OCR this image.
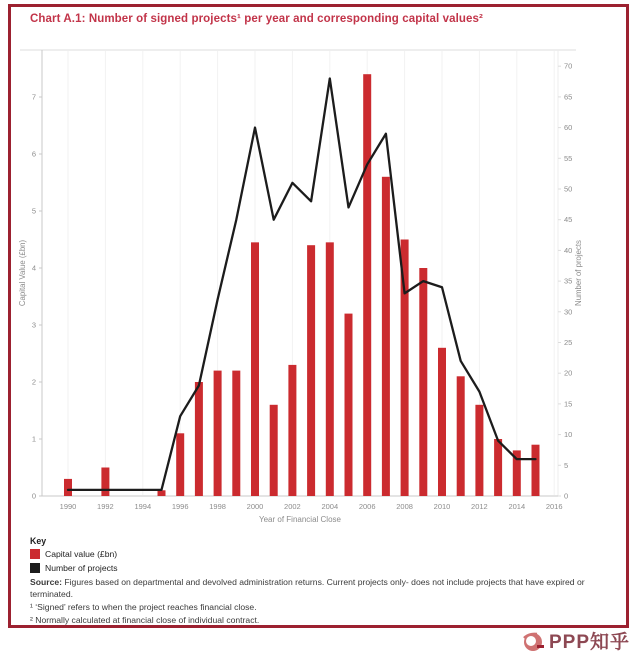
Chart A.1: Number of signed projects¹ per year and corresponding capital values²
0
1
2
3
4
5
6
7
0
5
10
15
20
25
30
35
40
45
50
55
60
65
70
1990	1992	1994	1996	1998	2000	2002	2004	2006	2008	2010	2012	2014	2016
Capital Value (£bn)	Number of projects
Year of Financial Close
Key
Capital value (£bn)
Number of projects
Source: Figures based on departmental and devolved administration returns. Current projects only- does not include projects that have expired or terminated.
¹ ‘Signed’ refers to when the project reaches financial close.
² Normally calculated at financial close of individual contract.
PPP知乎
